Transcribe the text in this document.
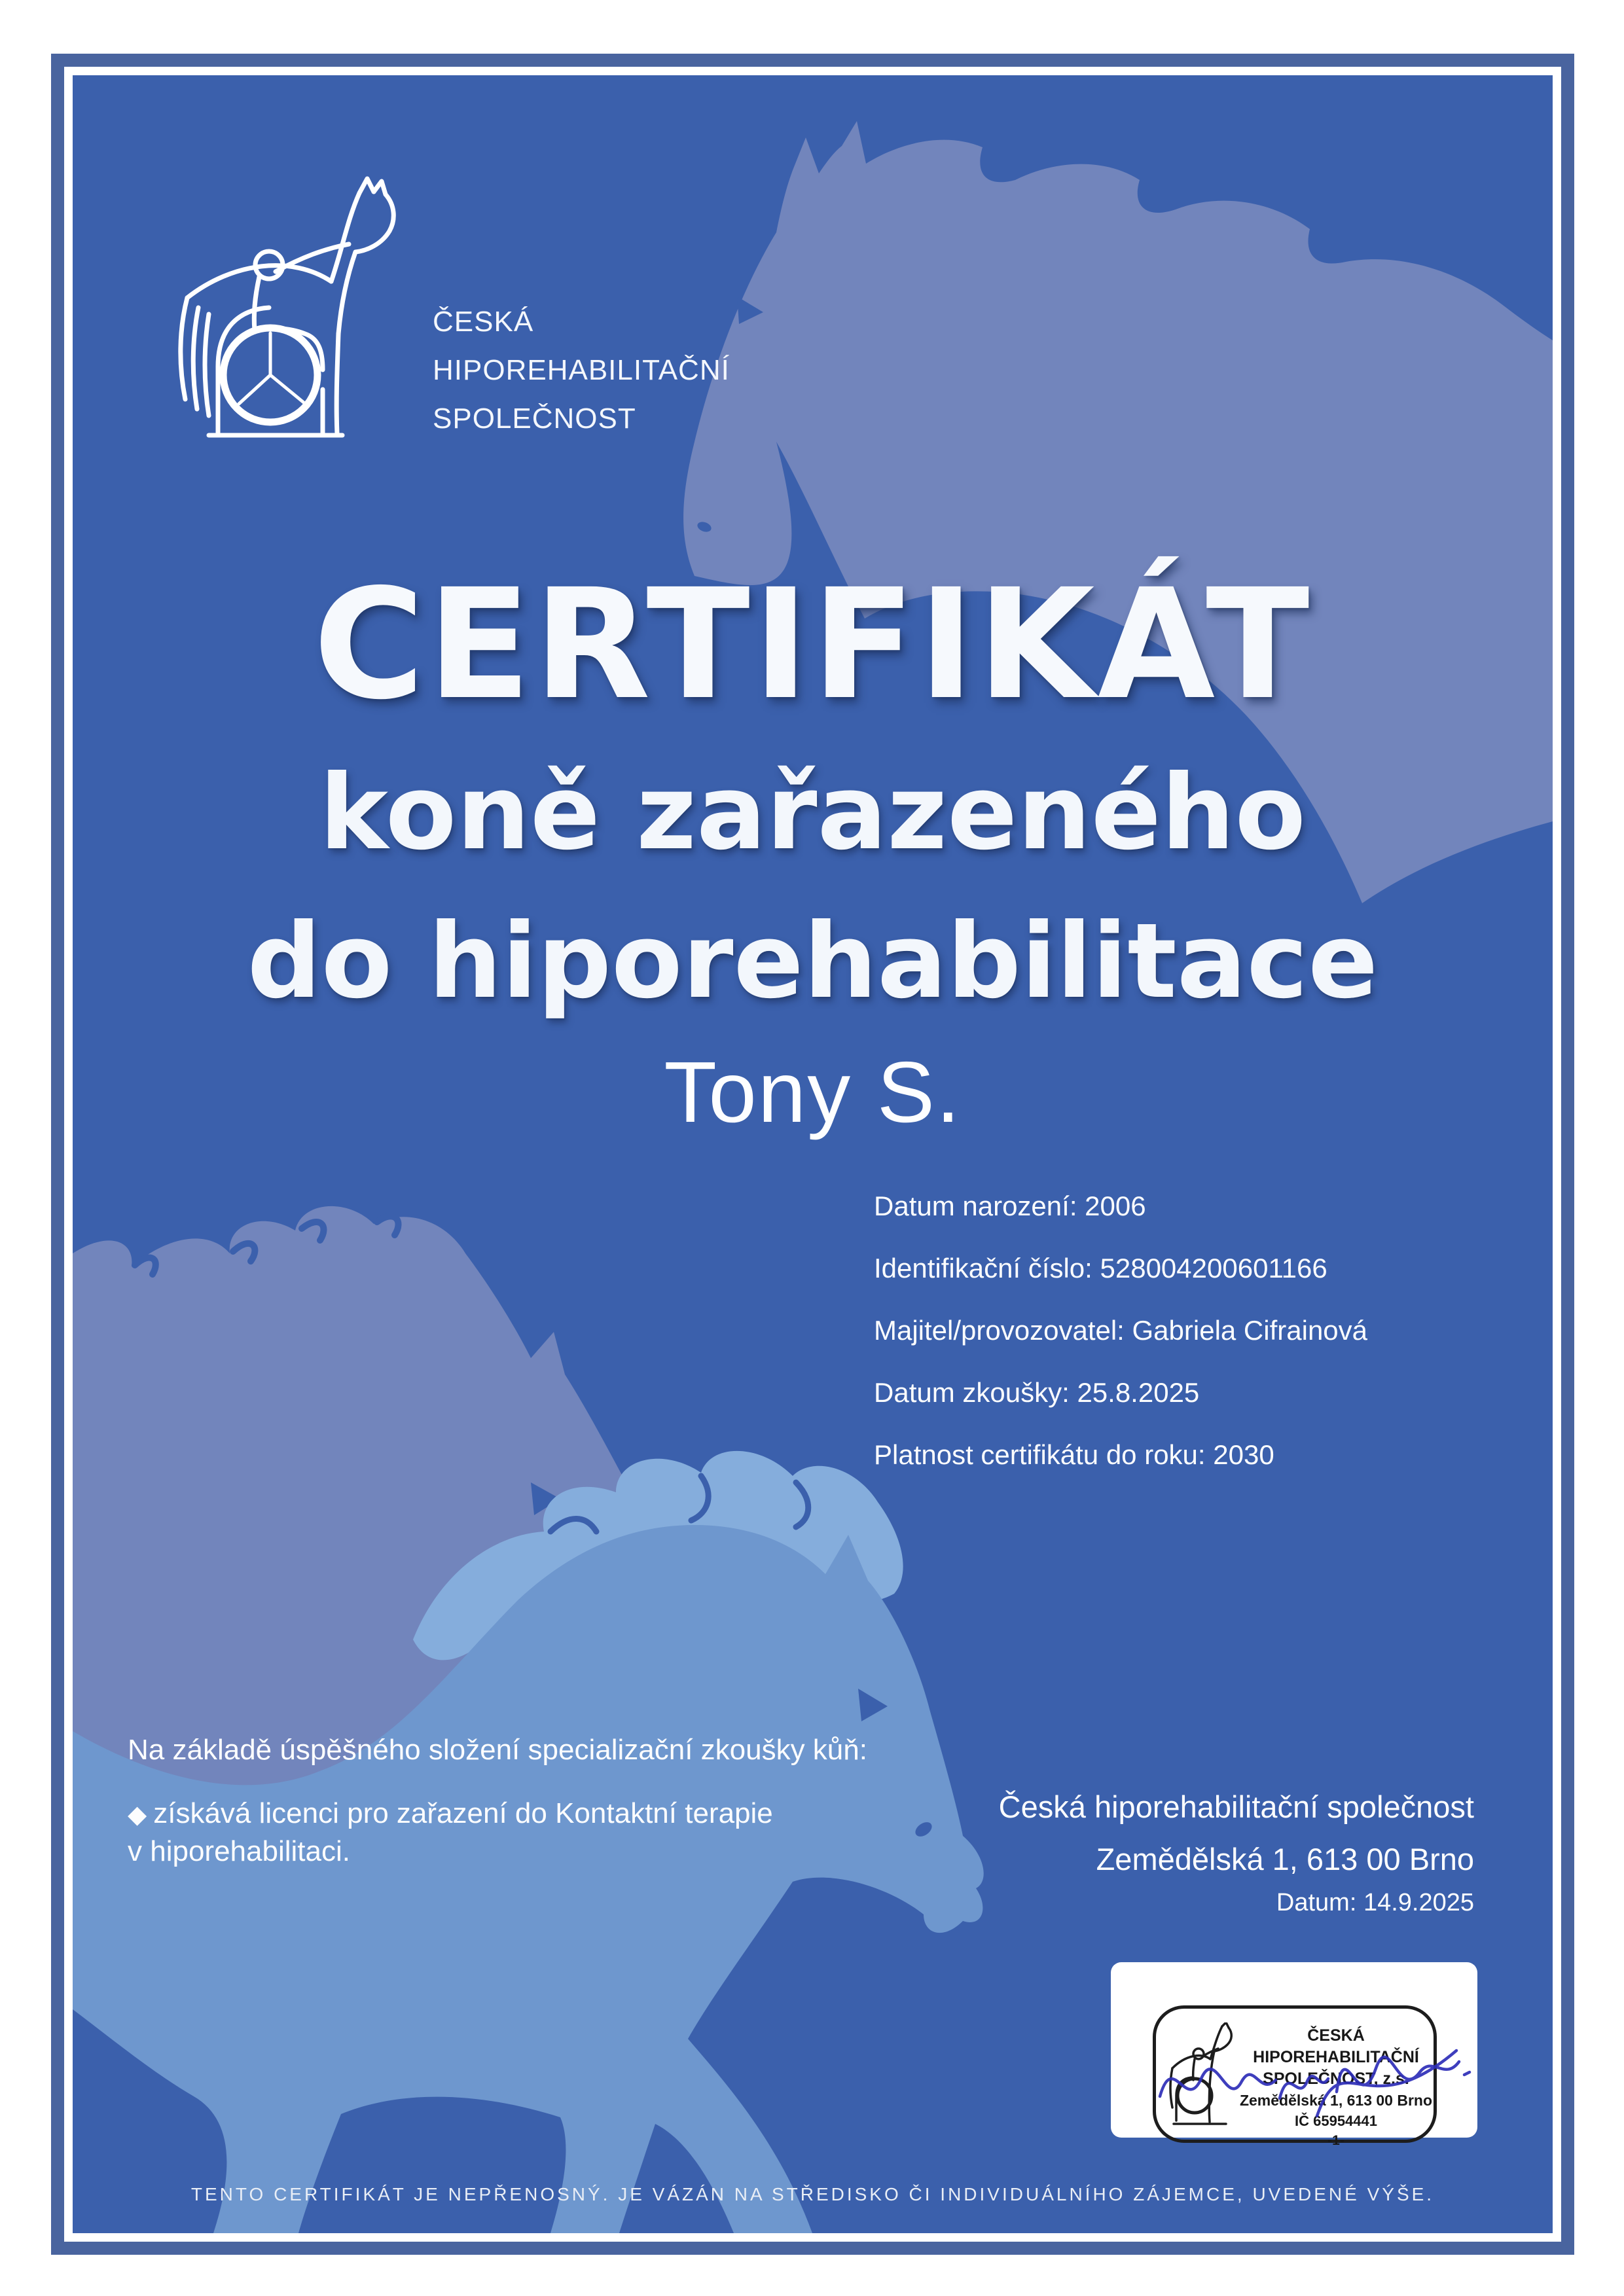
ČESKÁ
HIPOREHABILITAČNÍ
SPOLEČNOST
CERTIFIKÁT
koně zařazeného
do hiporehabilitace
Tony S.
Datum narození: 2006
Identifikační číslo: 528004200601166
Majitel/provozovatel: Gabriela Cifrainová
Datum zkoušky: 25.8.2025
Platnost certifikátu do roku: 2030

Na základě úspěšného složení specializační zkoušky kůň:

◆ získává licenci pro zařazení do Kontaktní terapie
v hiporehabilitaci.
Česká hiporehabilitační společnost
Zemědělská 1, 613 00 Brno
Datum: 14.9.2025
ČESKÁ HIPOREHABILITAČNÍ
SPOLEČNOST, z.s.
Zemědělská 1, 613 00 Brno
IČ 65954441
-1-
TENTO CERTIFIKÁT JE NEPŘENOSNÝ. JE VÁZÁN NA STŘEDISKO ČI INDIVIDUÁLNÍHO ZÁJEMCE, UVEDENÉ VÝŠE.
